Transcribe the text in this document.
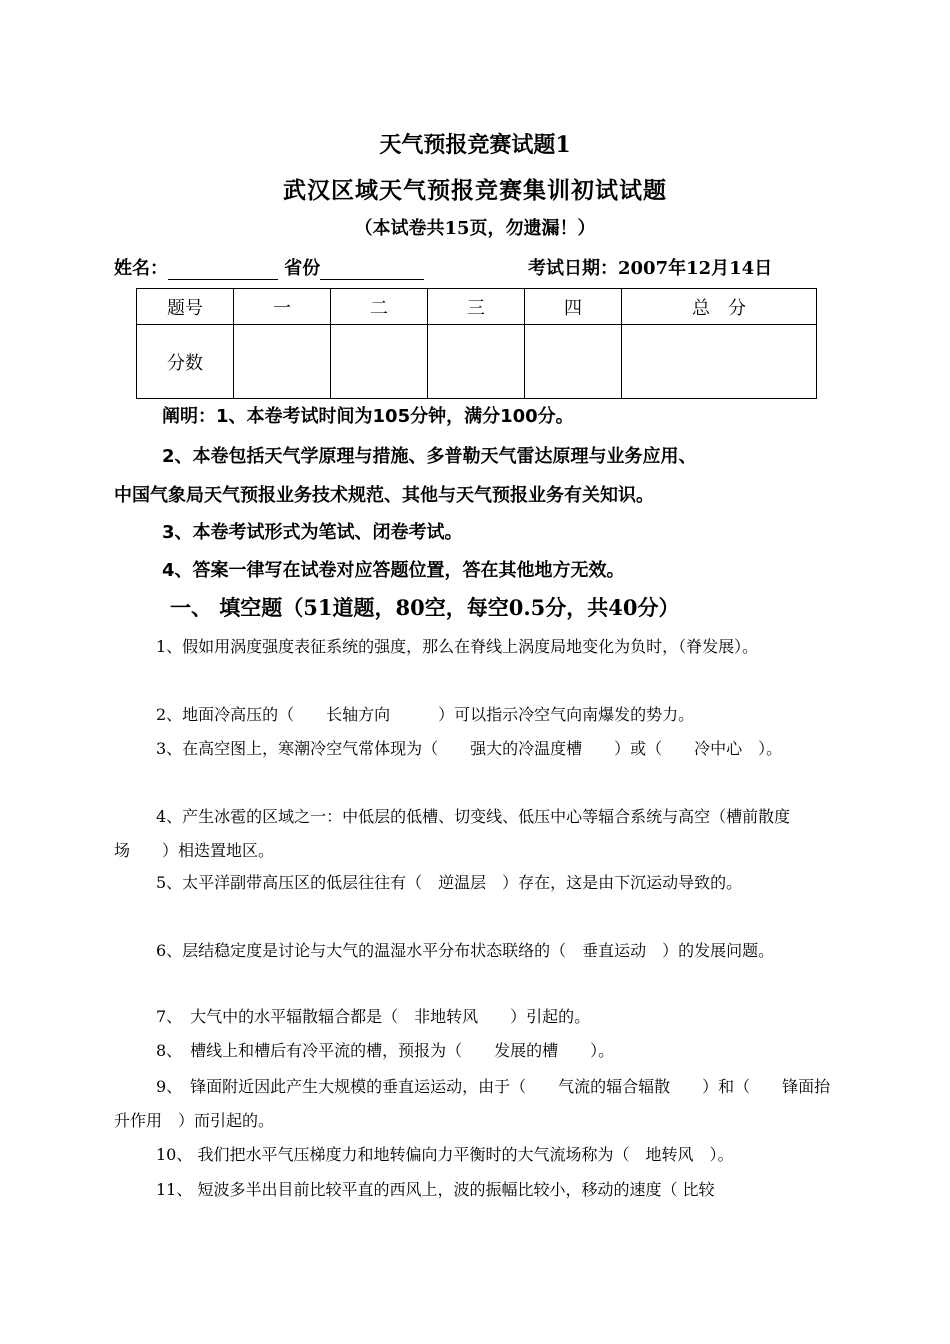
天气预报竞赛试题1
武汉区域天气预报竞赛集训初试试题
（本试卷共15页，勿遗漏！）
姓名：	省份	考试日期：2007年12月14日
题号	一	二	三	四	总　分
分数					
阐明：1、本卷考试时间为105分钟，满分100分。
2、本卷包括天气学原理与措施、多普勒天气雷达原理与业务应用、
中国气象局天气预报业务技术规范、其他与天气预报业务有关知识。
3、本卷考试形式为笔试、闭卷考试。
4、答案一律写在试卷对应答题位置，答在其他地方无效。
一、 填空题（51道题，80空，每空0.5分，共40分）
1、假如用涡度强度表征系统的强度，那么在脊线上涡度局地变化为负时，（脊发展）。
2、地面冷高压的（　　长轴方向　　　）可以指示冷空气向南爆发的势力。
3、在高空图上，寒潮冷空气常体现为（　　强大的冷温度槽　　）或（　　冷中心　）。
4、产生冰雹的区域之一：中低层的低槽、切变线、低压中心等辐合系统与高空（槽前散度场　　）相迭置地区。
5、太平洋副带高压区的低层往往有（　逆温层　）存在，这是由下沉运动导致的。
6、层结稳定度是讨论与大气的温湿水平分布状态联络的（　垂直运动　）的发展问题。
7、　大气中的水平辐散辐合都是（　非地转风　　）引起的。
8、　槽线上和槽后有冷平流的槽，预报为（　　发展的槽　　）。
9、　锋面附近因此产生大规模的垂直运运动，由于（　　气流的辐合辐散　　）和（　　锋面抬升作用　）而引起的。
10、 我们把水平气压梯度力和地转偏向力平衡时的大气流场称为（　地转风　）。
11、 短波多半出目前比较平直的西风上，波的振幅比较小，移动的速度（ 比较
